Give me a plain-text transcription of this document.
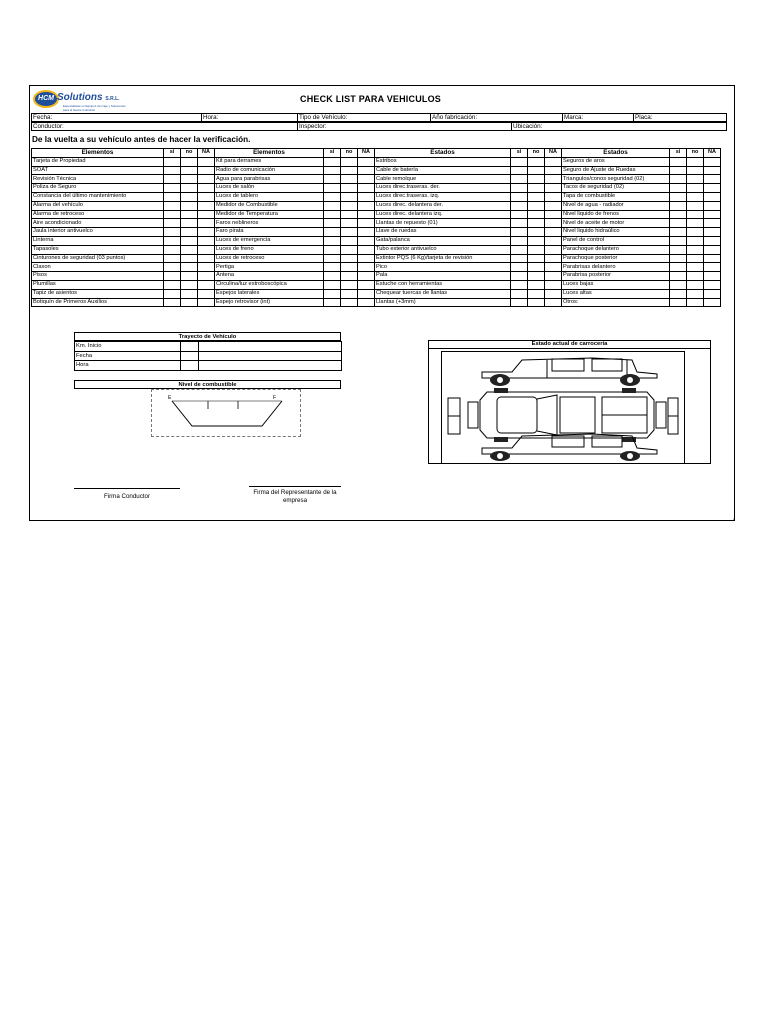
HCM Solutions S.R.L.
Especialistas en Equipos de Izaje y Soluciones para el Sector Industrial
CHECK LIST PARA VEHICULOS
Fecha:	Hora:	Tipo de Vehículo:	Año fabricación:	Marca:	Placa:
Conductor:	Inspector:	Ubicación:
De la vuelta a su vehículo antes de hacer la verificación.
Elementos	si	no	NA	Elementos	si	no	NA	Estados	si	no	NA	Estados	si	no	NA
Tarjeta de Propiedad				Kit para derrames				Estribos				Seguros de aros			
SOAT				Radio de comunicación				Cable de batería				Seguro de Ajuste de Ruedas			
Revisión Técnica				Agua para parabrisas				Cable remolque				Triangulos/conos seguridad (02)			
Poliza de Seguro				Luces de salón				Luces direc.traseras. der.				Tacos de seguridad (02)			
Constancia del último mantenimiento				Luces de tablero				Luces direc.traseras. izq.				Tapa de combustible			
Alarma del vehículo				Medidor de Combustible				Luces direc. delantera der.				Nivel de agua - radiador			
Alarma de retroceso				Medidor de Temperatura				Luces direc. delantera izq.				Nivel liquido de frenos			
Aire acondicionado				Faros neblineros				Llantas de repuesto (01)				Nivel de aceite de motor			
Jaula interior antivuelco				Faro pirata				Llave de ruedas				Nivel liquido hidraúlico			
Linterna				Luces de emergencia				Gata/palanca				Panel de control			
Tapasoles				Luces de freno				Tubo exterior antivuelco				Parachoque delantero			
Cinturones de seguridad (03 puntos)				Luces de retroceso				Extintor PQS (6 Kg)/tarjeta de revisión				Parachoque posterior			
Claxon				Pertiga				Pico				Parabrisas delantero			
Pisos				Antena				Pala				Parabrisa posterior			
Plumillas				Circulina/luz estroboscópica				Estuche con herramientas				Luces bajas			
Tapiz de asientos				Espejos laterales				Chequear tuercas de llantas				Luces altas			
Botiquín de Primeros Auxilios				Espejo retrovisor (int)				Llantas (+3mm)				Otros:			
Trayecto de Vehículo
Km. Inicio		
Fecha		
Hora		
Nivel de combustible
E	F
Estado actual de carrocería
Firma Conductor
Firma del Representante de la empresa
x
